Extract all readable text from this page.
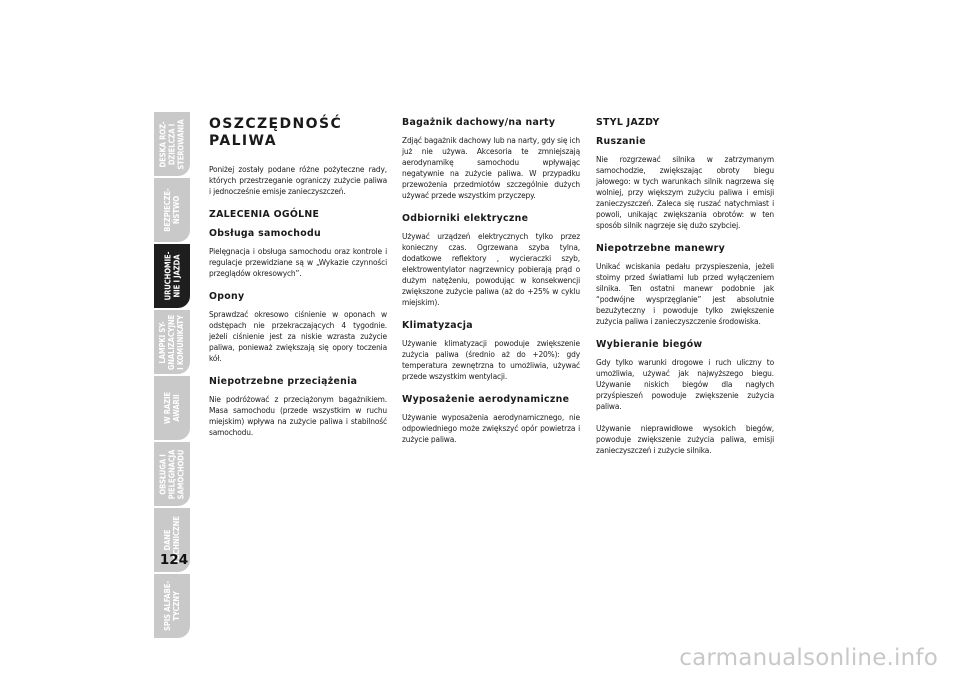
DESKA ROZ-
DZIELCZA I
STEROWANIA
BEZPIECZE-
ŃSTWO
URUCHOMIE-
NIE I JAZDA
LAMPKI SY-
GNALIZACYJNE
I KOMUNIKATY
W RAZIE
AWARII
OBSŁUGA I
PIELĘGNACJA
SAMOCHODU
DANE
TECHNICZNE
SPIS ALFABE-
TYCZNY
124
OSZCZĘDNOŚĆ
PALIWA

Poniżej zostały podane różne pożyteczne rady, których przestrzeganie ograniczy zużycie paliwa i jednocześnie emisje zanieczyszczeń.

ZALECENIA OGÓLNE
Obsługa samochodu

Pielęgnacja i obsługa samochodu oraz kontrole i regulacje przewidziane są w „Wykazie czynności przeglądów okresowych”.

Opony

Sprawdzać okresowo ciśnienie w oponach w odstępach nie przekraczających 4 tygodnie. jeżeli ciśnienie jest za niskie wzrasta zużycie paliwa, ponieważ zwiększają się opory toczenia kół.

Niepotrzebne przeciążenia

Nie podróżować z przeciążonym bagażnikiem. Masa samochodu (przede wszystkim w ruchu miejskim) wpływa na zużycie paliwa i stabilność samochodu.

Bagażnik dachowy/na narty

Zdjąć bagażnik dachowy lub na narty, gdy się ich już nie używa. Akcesoria te zmniejszają aerodynamikę samochodu wpływając negatywnie na zużycie paliwa. W przypadku przewożenia przedmiotów szczególnie dużych używać przede wszystkim przyczepy.

Odbiorniki elektryczne

Używać urządzeń elektrycznych tylko przez konieczny czas. Ogrzewana szyba tylna, dodatkowe reflektory , wycieraczki szyb, elektrowentylator nagrzewnicy pobierają prąd o dużym natężeniu, powodując w konsekwencji zwiększone zużycie paliwa (aż do +25% w cyklu miejskim).

Klimatyzacja

Używanie klimatyzacji powoduje zwiększenie zużycia paliwa (średnio aż do +20%): gdy temperatura zewnętrzna to umożliwia, używać przede wszystkim wentylacji.

Wyposażenie aerodynamiczne

Używanie wyposażenia aerodynamicznego, nie odpowiedniego może zwiększyć opór powietrza i zużycie paliwa.

STYL JAZDY
Ruszanie

Nie rozgrzewać silnika w zatrzymanym samochodzie, zwiększając obroty biegu jałowego: w tych warunkach silnik nagrzewa się wolniej, przy większym zużyciu paliwa i emisji zanieczyszczeń. Zaleca się ruszać natychmiast i powoli, unikając zwiększania obrotów: w ten sposób silnik nagrzeje się dużo szybciej.

Niepotrzebne manewry

Unikać wciskania pedału przyspieszenia, jeżeli stoimy przed światłami lub przed wyłączeniem silnika. Ten ostatni manewr podobnie jak “podwójne wysprzęglanie” jest absolutnie bezużyteczny i powoduje tylko zwiększenie zużycia paliwa i zanieczyszczenie środowiska.

Wybieranie biegów

Gdy tylko warunki drogowe i ruch uliczny to umożliwia, używać jak najwyższego biegu. Używanie niskich biegów dla nagłych przyśpieszeń powoduje zwiększenie zużycia paliwa.

Używanie nieprawidłowe wysokich biegów, powoduje zwiększenie zużycia paliwa, emisji zanieczyszczeń i zużycie silnika.

carmanualsonline.info
